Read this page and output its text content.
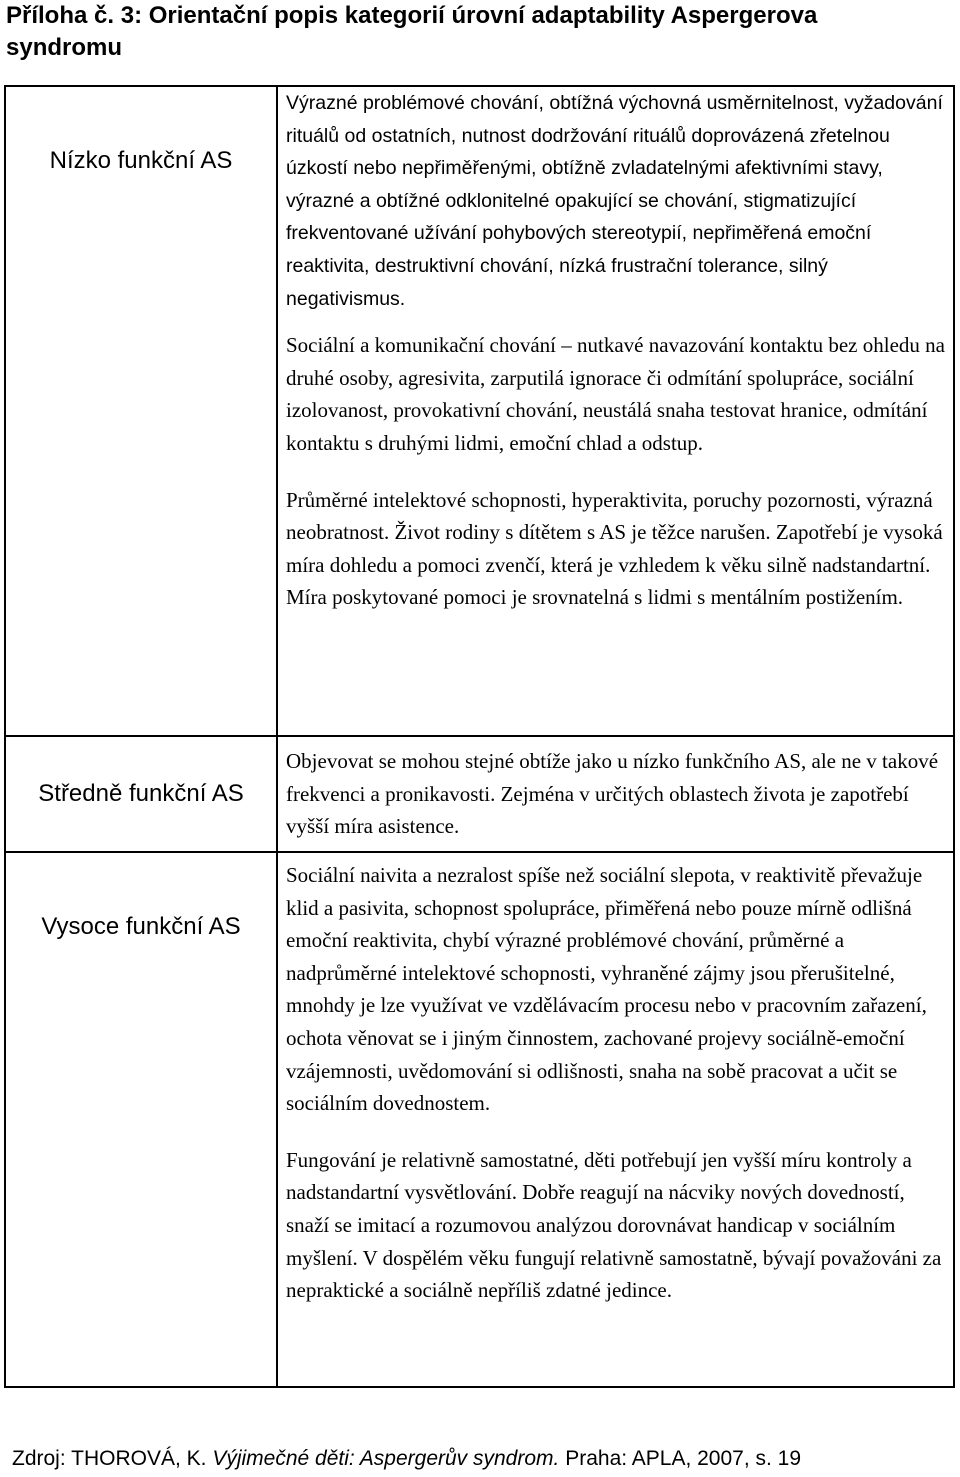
Příloha č. 3: Orientační popis kategorií úrovní adaptability Aspergerova syndromu
Nízko funkční AS	Výrazné problémové chování, obtížná výchovná usměrnitelnost, vyžadování rituálů od ostatních, nutnost dodržování rituálů doprovázená zřetelnou úzkostí nebo nepřiměřenými, obtížně zvladatelnými afektivními stavy, výrazné a obtížné odklonitelné opakující se chování, stigmatizující frekventované užívání pohybových stereotypií, nepřiměřená emoční reaktivita, destruktivní chování, nízká frustrační tolerance, silný negativismus.

Sociální a komunikační chování – nutkavé navazování kontaktu bez ohledu na druhé osoby, agresivita, zarputilá ignorace či odmítání spolupráce, sociální izolovanost, provokativní chování, neustálá snaha testovat hranice, odmítání kontaktu s druhými lidmi, emoční chlad a odstup.

Průměrné intelektové schopnosti, hyperaktivita, poruchy pozornosti, výrazná neobratnost. Život rodiny s dítětem s AS je těžce narušen. Zapotřebí je vysoká míra dohledu a pomoci zvenčí, která je vzhledem k věku silně nadstandartní. Míra poskytované pomoci je srovnatelná s lidmi s mentálním postižením.

Středně funkční AS	Objevovat se mohou stejné obtíže jako u nízko funkčního AS, ale ne v takové frekvenci a pronikavosti. Zejména v určitých oblastech života je zapotřebí vyšší míra asistence.

Vysoce funkční AS	Sociální naivita a nezralost spíše než sociální slepota, v reaktivitě převažuje klid a pasivita, schopnost spolupráce, přiměřená nebo pouze mírně odlišná emoční reaktivita, chybí výrazné problémové chování, průměrné a nadprůměrné intelektové schopnosti, vyhraněné zájmy jsou přerušitelné, mnohdy je lze využívat ve vzdělávacím procesu nebo v pracovním zařazení, ochota věnovat se i jiným činnostem, zachované projevy sociálně-emoční vzájemnosti, uvědomování si odlišnosti, snaha na sobě pracovat a učit se sociálním dovednostem.

Fungování je relativně samostatné, děti potřebují jen vyšší míru kontroly a nadstandartní vysvětlování. Dobře reagují na nácviky nových dovedností, snaží se imitací a rozumovou analýzou dorovnávat handicap v sociálním myšlení. V dospělém věku fungují relativně samostatně, bývají považováni za nepraktické a sociálně nepříliš zdatné jedince.

Zdroj: THOROVÁ, K. Výjimečné děti: Aspergerův syndrom. Praha: APLA, 2007, s. 19
